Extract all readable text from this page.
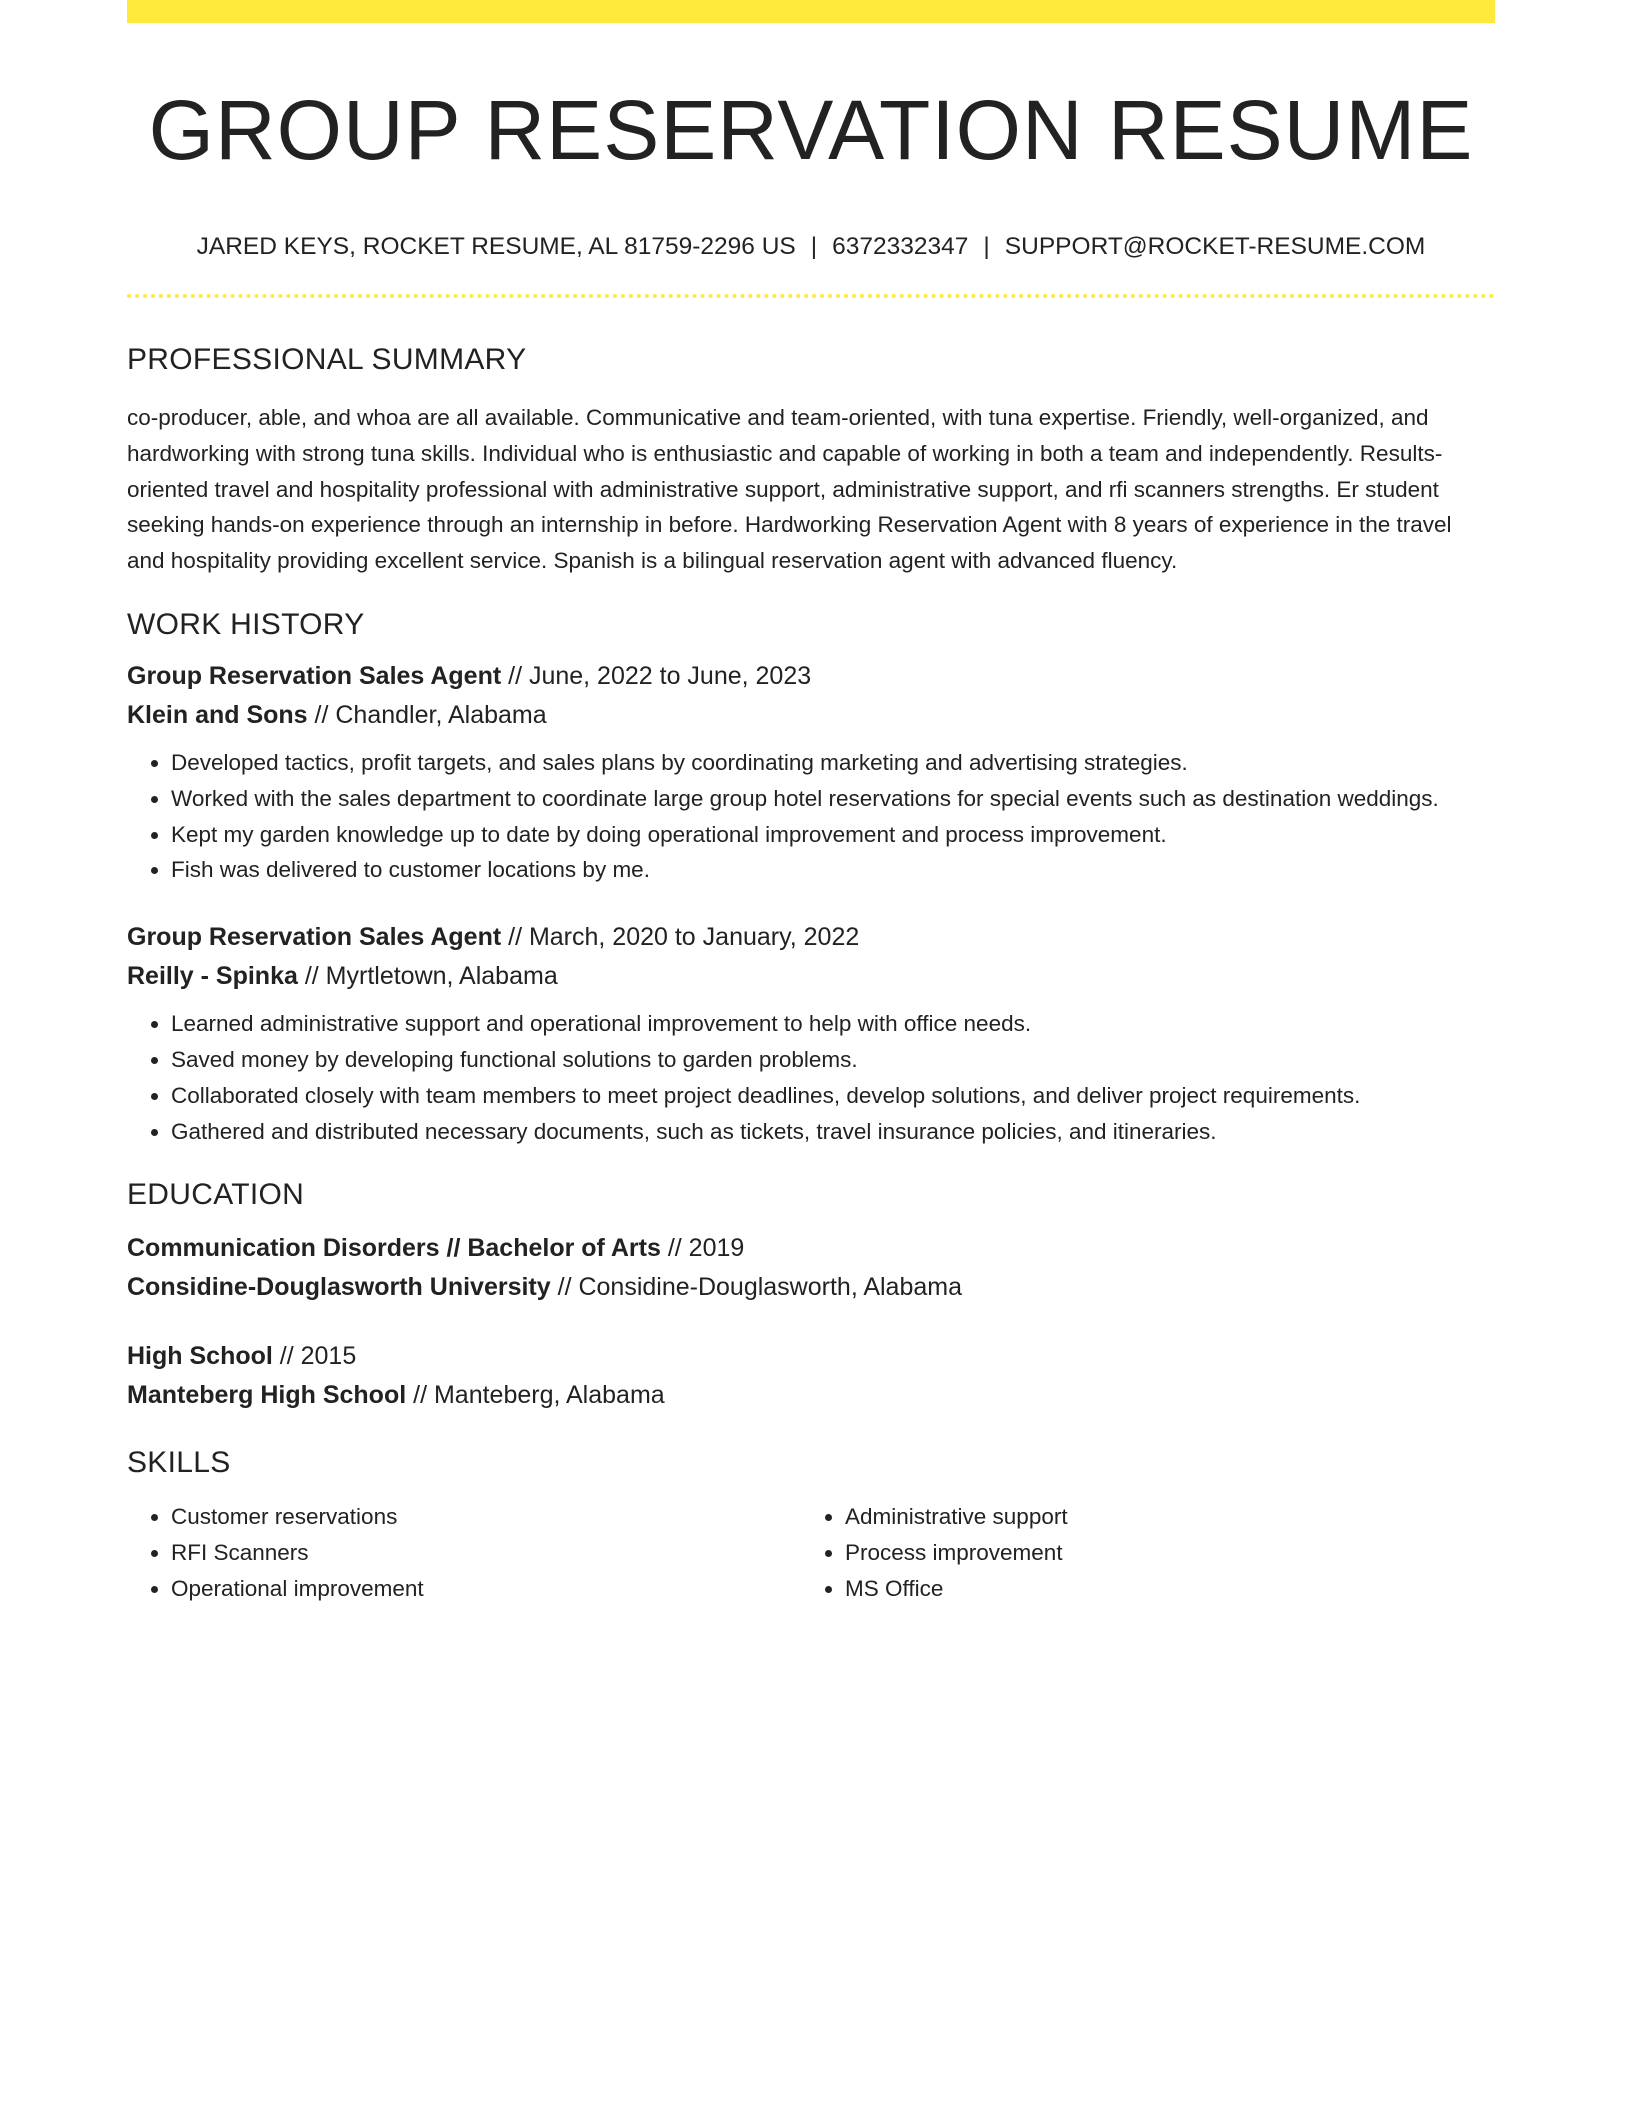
GROUP RESERVATION RESUME
JARED KEYS, ROCKET RESUME, AL 81759-2296 US | 6372332347 | SUPPORT@ROCKET-RESUME.COM
PROFESSIONAL SUMMARY
co-producer, able, and whoa are all available. Communicative and team-oriented, with tuna expertise. Friendly, well-organized, and hardworking with strong tuna skills. Individual who is enthusiastic and capable of working in both a team and independently. Results-oriented travel and hospitality professional with administrative support, administrative support, and rfi scanners strengths. Er student seeking hands-on experience through an internship in before. Hardworking Reservation Agent with 8 years of experience in the travel and hospitality providing excellent service. Spanish is a bilingual reservation agent with advanced fluency.
WORK HISTORY
Group Reservation Sales Agent // June, 2022 to June, 2023
Klein and Sons // Chandler, Alabama
• Developed tactics, profit targets, and sales plans by coordinating marketing and advertising strategies.
• Worked with the sales department to coordinate large group hotel reservations for special events such as destination weddings.
• Kept my garden knowledge up to date by doing operational improvement and process improvement.
• Fish was delivered to customer locations by me.
Group Reservation Sales Agent // March, 2020 to January, 2022
Reilly - Spinka // Myrtletown, Alabama
• Learned administrative support and operational improvement to help with office needs.
• Saved money by developing functional solutions to garden problems.
• Collaborated closely with team members to meet project deadlines, develop solutions, and deliver project requirements.
• Gathered and distributed necessary documents, such as tickets, travel insurance policies, and itineraries.
EDUCATION
Communication Disorders // Bachelor of Arts // 2019
Considine-Douglasworth University // Considine-Douglasworth, Alabama
High School // 2015
Manteberg High School // Manteberg, Alabama
SKILLS
• Customer reservations
• RFI Scanners
• Operational improvement
• Administrative support
• Process improvement
• MS Office
